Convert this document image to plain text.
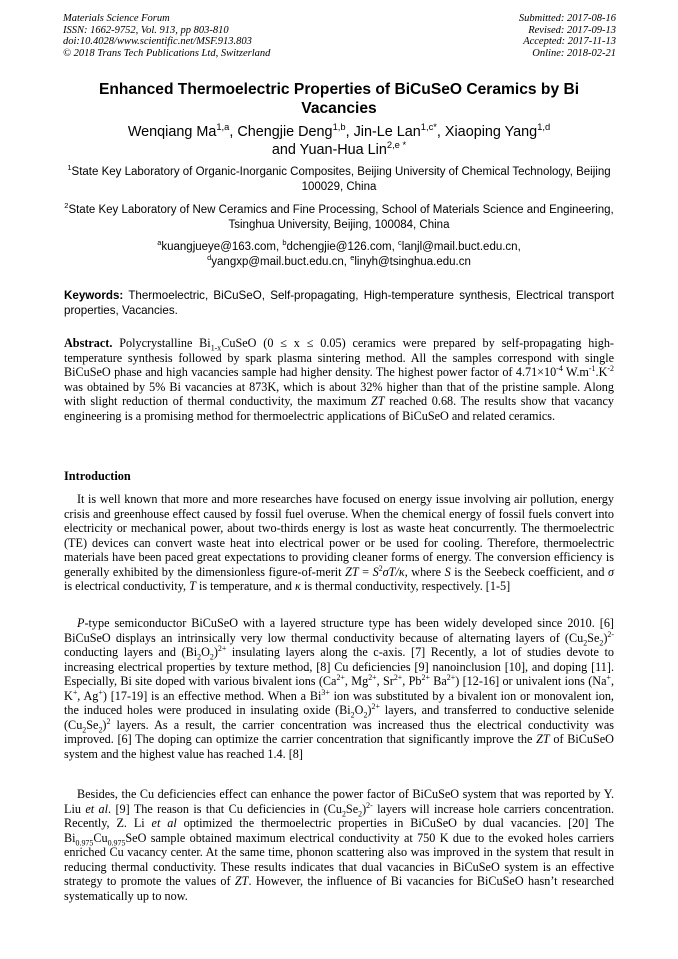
Materials Science Forum
ISSN: 1662-9752, Vol. 913, pp 803-810
doi:10.4028/www.scientific.net/MSF.913.803
© 2018 Trans Tech Publications Ltd, Switzerland
Submitted: 2017-08-16
Revised: 2017-09-13
Accepted: 2017-11-13
Online: 2018-02-21
Enhanced Thermoelectric Properties of BiCuSeO Ceramics by Bi Vacancies
Wenqiang Ma$^{1,a}$, Chengjie Deng$^{1,b}$, Jin-Le Lan$^{1,c*}$, Xiaoping Yang$^{1,d}$
and Yuan-Hua Lin$^{2,e *}$
$^1$State Key Laboratory of Organic-Inorganic Composites, Beijing University of Chemical Technology, Beijing 100029, China
$^2$State Key Laboratory of New Ceramics and Fine Processing, School of Materials Science and Engineering, Tsinghua University, Beijing, 100084, China
$^a$kuangjueye@163.com, $^b$dchengjie@126.com, $^c$lanjl@mail.buct.edu.cn,
$^d$yangxp@mail.buct.edu.cn, $^e$linyh@tsinghua.edu.cn
Keywords: Thermoelectric, BiCuSeO, Self-propagating, High-temperature synthesis, Electrical transport properties, Vacancies.

Abstract. Polycrystalline $Bi_{1-x}CuSeO$ (0 ≤ x ≤ 0.05) ceramics were prepared by self-propagating high-temperature synthesis followed by spark plasma sintering method. All the samples correspond with single BiCuSeO phase and high vacancies sample had higher density. The highest power factor of $4.71\times 10^{-4}$ $W.m^{-1}.K^{-2}$ was obtained by 5% Bi vacancies at 873K, which is about 32% higher than that of the pristine sample. Along with slight reduction of thermal conductivity, the maximum ZT reached 0.68. The results show that vacancy engineering is a promising method for thermoelectric applications of BiCuSeO and related ceramics.

Introduction

It is well known that more and more researches have focused on energy issue involving air pollution, energy crisis and greenhouse effect caused by fossil fuel overuse. When the chemical energy of fossil fuels convert into electricity or mechanical power, about two-thirds energy is lost as waste heat concurrently. The thermoelectric (TE) devices can convert waste heat into electrical power or be used for cooling. Therefore, thermoelectric materials have been paced great expectations to providing cleaner forms of energy. The conversion efficiency is generally exhibited by the dimensionless figure-of-merit ZT = $S^2\sigma T/\kappa$, where S is the Seebeck coefficient, and σ is electrical conductivity, T is temperature, and κ is thermal conductivity, respectively. [1-5]

P-type semiconductor BiCuSeO with a layered structure type has been widely developed since 2010. [6] BiCuSeO displays an intrinsically very low thermal conductivity because of alternating layers of $(Cu_2Se_2)^{2-}$ conducting layers and $(Bi_2O_2)^{2+}$ insulating layers along the c-axis. [7] Recently, a lot of studies devote to increasing electrical properties by texture method, [8] Cu deficiencies [9] nanoinclusion [10], and doping [11]. Especially, Bi site doped with various bivalent ions ($Ca^{2+}$, $Mg^{2+}$, $Sr^{2+}$, $Pb^{2+}$ $Ba^{2+}$) [12-16] or univalent ions (Na+, K+, Ag+) [17-19] is an effective method. When a $Bi^{3+}$ ion was substituted by a bivalent ion or monovalent ion, the induced holes were produced in insulating oxide $(Bi_2O_2)^{2+}$ layers, and transferred to conductive selenide $(Cu_2Se_2)^2$ layers. As a result, the carrier concentration was increased thus the electrical conductivity was improved. [6] The doping can optimize the carrier concentration that significantly improve the ZT of BiCuSeO system and the highest value has reached 1.4. [8]

Besides, the Cu deficiencies effect can enhance the power factor of BiCuSeO system that was reported by Y. Liu et al. [9] The reason is that Cu deficiencies in $(Cu_2Se_2)^{2-}$ layers will increase hole carriers concentration. Recently, Z. Li et al optimized the thermoelectric properties in BiCuSeO by dual vacancies. [20] The $Bi_{0.975}Cu_{0.975}SeO$ sample obtained maximum electrical conductivity at 750 K due to the evoked holes carriers enriched Cu vacancy center. At the same time, phonon scattering also was improved in the system that result in reducing thermal conductivity. These results indicates that dual vacancies in BiCuSeO system is an effective strategy to promote the values of ZT. However, the influence of Bi vacancies for BiCuSeO hasn’t researched systematically up to now.
